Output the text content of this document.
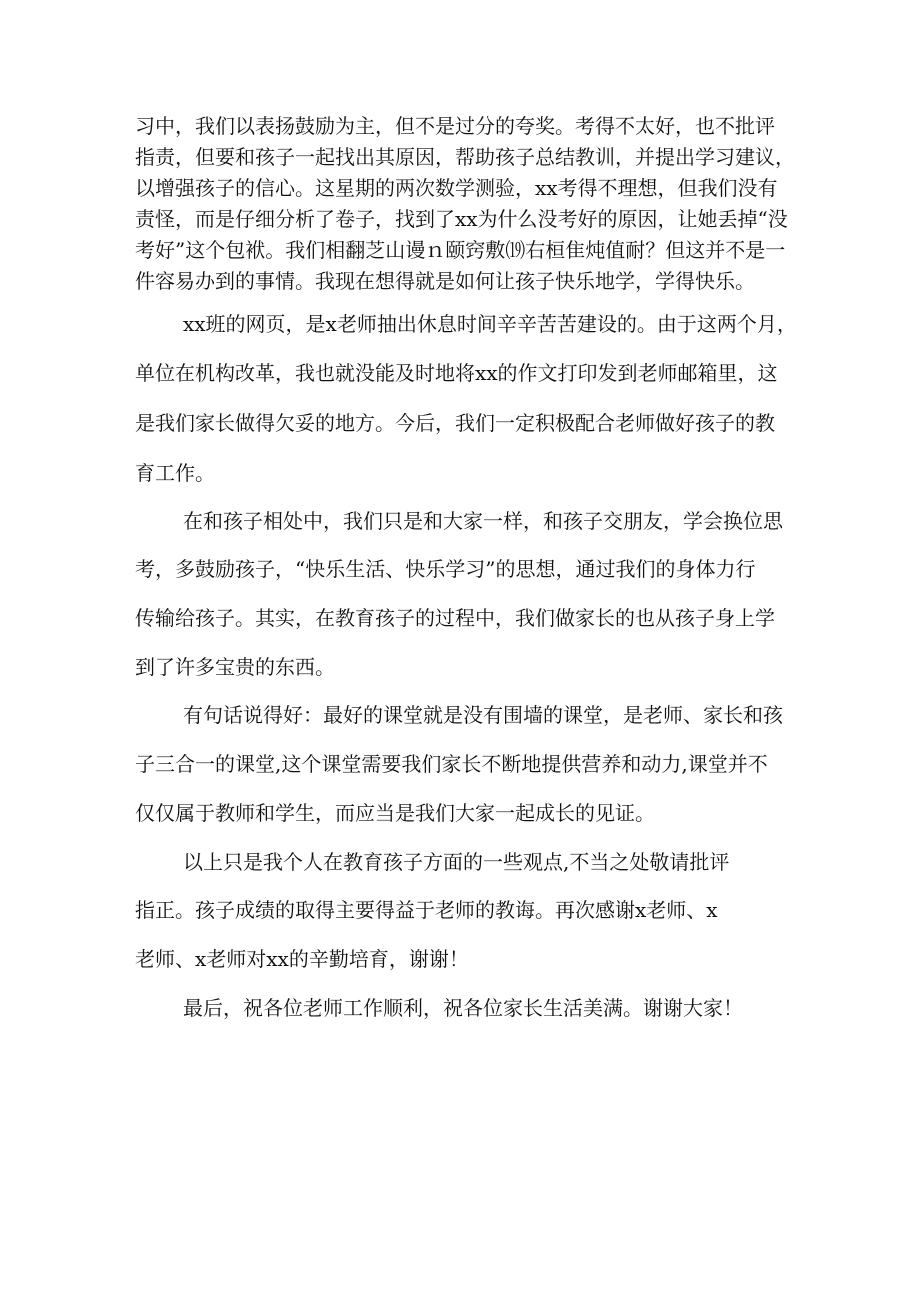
习中，我们以表扬鼓励为主，但不是过分的夸奖。考得不太好，也不批评

指责，但要和孩子一起找出其原因，帮助孩子总结教训，并提出学习建议，

以增强孩子的信心。这星期的两次数学测验，xx考得不理想，但我们没有

责怪，而是仔细分析了卷子，找到了xx为什么没考好的原因，让她丢掉“没

考好”这个包袱。我们相翻芝山谩ｎ颐窍敷⒆右桓隹炖值耐？但这并不是一

件容易办到的事情。我现在想得就是如何让孩子快乐地学，学得快乐。

xx班的网页，是x老师抽出休息时间辛辛苦苦建设的。由于这两个月，

单位在机构改革，我也就没能及时地将xx的作文打印发到老师邮箱里，这

是我们家长做得欠妥的地方。今后，我们一定积极配合老师做好孩子的教

育工作。

在和孩子相处中，我们只是和大家一样，和孩子交朋友，学会换位思

考，多鼓励孩子，“快乐生活、快乐学习”的思想，通过我们的身体力行

传输给孩子。其实，在教育孩子的过程中，我们做家长的也从孩子身上学

到了许多宝贵的东西。

有句话说得好：最好的课堂就是没有围墙的课堂，是老师、家长和孩

子三合一的课堂,这个课堂需要我们家长不断地提供营养和动力,课堂并不

仅仅属于教师和学生，而应当是我们大家一起成长的见证。

以上只是我个人在教育孩子方面的一些观点,不当之处敬请批评

指正。孩子成绩的取得主要得益于老师的教诲。再次感谢x老师、x

老师、x老师对xx的辛勤培育，谢谢！

最后，祝各位老师工作顺利，祝各位家长生活美满。谢谢大家！
